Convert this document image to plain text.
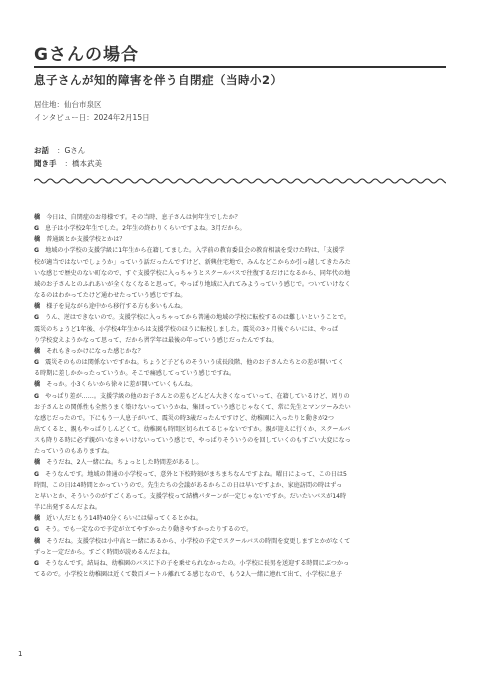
Gさんの場合
息子さんが知的障害を伴う自閉症（当時小2）
居住地：仙台市泉区
インタビュー日：2024年2月15日
お話 ：Gさん
聞き手 ：橋本武美
橋　 今日は、自閉症のお母様です。その当時、息子さんは何年生でしたか？
G　 息子は小学校2年生でした。2年生の終わりくらいですよね。3月だから。
橋　 普通級とか支援学校とかは？
G　 地域の小学校の支援学級に1年生から在籍してました。入学前の教育委員会の教育相談を受けた時は、「支援学
校が適当ではないでしょうか」っていう話だったんですけど、新興住宅地で、みんなどこからか引っ越してきたみた
いな感じで歴史のない町なので、すぐ支援学校に入っちゃうとスクールバスで往復するだけになるから、同年代の地
域のお子さんとのふれあいが全くなくなると思って。やっぱり地域に入れてみようっていう感じで。ついていけなく
なるのはわかってたけど通わせたっていう感じですね。
橋　 様子を見ながら途中から移行する方も多いもんね。
G　 うん、逆はできないので。支援学校に入っちゃってから普通の地域の学校に転校するのは難しいということで。
震災のちょうど1年後、小学校4年生からは支援学校のほうに転校しました。震災の3ヶ月後ぐらいには、やっぱ
り学校変えようかなって思って、だから習学年は最後の年っていう感じだったんですね。
橋　 それもきっかけになった感じかな？
G　 震災そのものは関係ないですかね。ちょうど子どものそういう成長段階、他のお子さんたちとの差が開いてく
る時期に差しかかったっていうか。そこで痛感してっていう感じですね。
橋　 そっか。小3くらいから徐々に差が開いていくもんね。
G　 やっぱり差が……。支援学級の他のお子さんとの差もどんどん大きくなっていって、在籍しているけど、周りの
お子さんとの関係性も全然うまく築けないっていうかね、集団っていう感じじゃなくて、常に先生とマンツーみたい
な感じだったので。下にもう一人息子がいて、震災の時3歳だったんですけど、幼稚園に入ったりと動きが2つ
出てくると、親もやっぱりしんどくて。幼稚園も時間区切られてるじゃないですか。親が迎えに行くか、スクールバ
スも降りる時に必ず親がいなきゃいけないっていう感じで、やっぱりそういうのを回していくのもすごい大変になっ
たっていうのもありますね。
橋　 そうだね、2人一緒にね。ちょっとした時間差があるし。
G　 そうなんです。地域の普通の小学校って、意外と下校時刻がまちまちなんですよね。曜日によって、この日は5
時間、この日は4時間とかっていうので。先生たちの会議があるからこの日は早いですよか、家庭訪問の時はずっ
と早いとか、そういうのがすごくあって。支援学校って結構パターンが一定じゃないですか。だいたいバスが14時
半に出発するんだよね。
橋　 近い人だともう14時40分くらいには帰ってくるとかね。
G　 そう。でも一定なので予定が立てやすかったり動きやすかったりするので。
橋　 そうだね。支援学校は小中高と一緒にあるから、小学校の予定でスクールバスの時間を変更しますとかがなくて
ずっと一定だから。すごく時間が読めるんだよね。
G　 そうなんです。結局ね、幼稚園のバスに下の子を乗せられなかったの。小学校に長男を送迎する時間にぶつかっ
てるので。小学校と幼稚園は近くて数百メートル離れてる感じなので、もう2人一緒に連れて出て、小学校に息子
1
